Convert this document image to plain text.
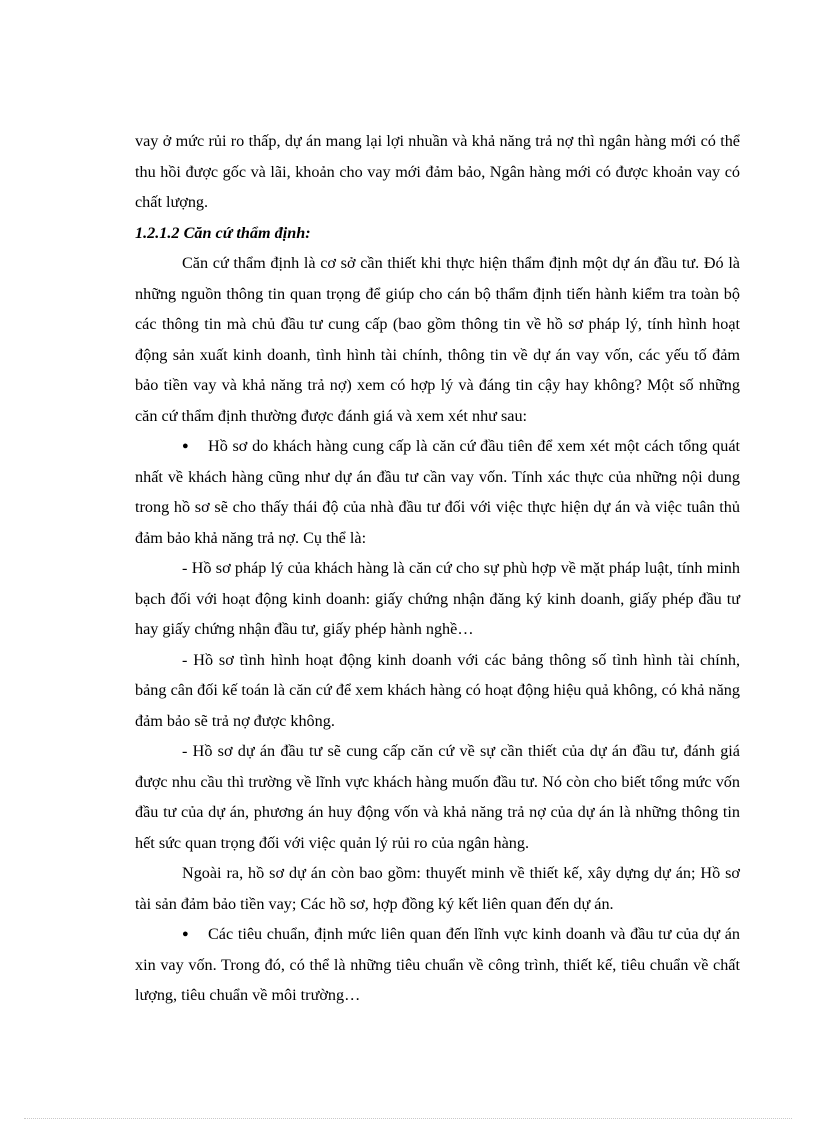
vay ở mức rủi ro thấp, dự án mang lại lợi nhuần và khả năng trả nợ thì ngân hàng mới có thể thu hồi được gốc và lãi, khoản cho vay mới đảm bảo, Ngân hàng mới có được khoản vay có chất lượng.

1.2.1.2 Căn cứ thẩm định:

Căn cứ thẩm định là cơ sở cần thiết khi thực hiện thẩm định một dự án đầu tư. Đó là những nguồn thông tin quan trọng để giúp cho cán bộ thẩm định tiến hành kiểm tra toàn bộ các thông tin mà chủ đầu tư cung cấp (bao gồm thông tin về hồ sơ pháp lý, tính hình hoạt động sản xuất kinh doanh, tình hình tài chính, thông tin về dự án vay vốn, các yếu tố đảm bảo tiền vay và khả năng trả nợ) xem có hợp lý và đáng tin cậy hay không? Một số những căn cứ thẩm định thường được đánh giá và xem xét như sau:

● Hồ sơ do khách hàng cung cấp là căn cứ đầu tiên để xem xét một cách tổng quát nhất về khách hàng cũng như dự án đầu tư cần vay vốn. Tính xác thực của những nội dung trong hồ sơ sẽ cho thấy thái độ của nhà đầu tư đối với việc thực hiện dự án và việc tuân thủ đảm bảo khả năng trả nợ. Cụ thể là:

- Hồ sơ pháp lý của khách hàng là căn cứ cho sự phù hợp về mặt pháp luật, tính minh bạch đối với hoạt động kinh doanh: giấy chứng nhận đăng ký kinh doanh, giấy phép đầu tư hay giấy chứng nhận đầu tư, giấy phép hành nghề…

- Hồ sơ tình hình hoạt động kinh doanh với các bảng thông số tình hình tài chính, bảng cân đối kế toán là căn cứ để xem khách hàng có hoạt động hiệu quả không, có khả năng đảm bảo sẽ trả nợ được không.

- Hồ sơ dự án đầu tư sẽ cung cấp căn cứ về sự cần thiết của dự án đầu tư, đánh giá được nhu cầu thì trường về lĩnh vực khách hàng muốn đầu tư. Nó còn cho biết tổng mức vốn đầu tư của dự án, phương án huy động vốn và khả năng trả nợ của dự án là những thông tin hết sức quan trọng đối với việc quản lý rủi ro của ngân hàng.

Ngoài ra, hồ sơ dự án còn bao gồm: thuyết minh về thiết kế, xây dựng dự án; Hồ sơ tài sản đảm bảo tiền vay; Các hồ sơ, hợp đồng ký kết liên quan đến dự án.

● Các tiêu chuẩn, định mức liên quan đến lĩnh vực kinh doanh và đầu tư của dự án xin vay vốn. Trong đó, có thể là những tiêu chuẩn về công trình, thiết kế, tiêu chuẩn về chất lượng, tiêu chuẩn về môi trường…
